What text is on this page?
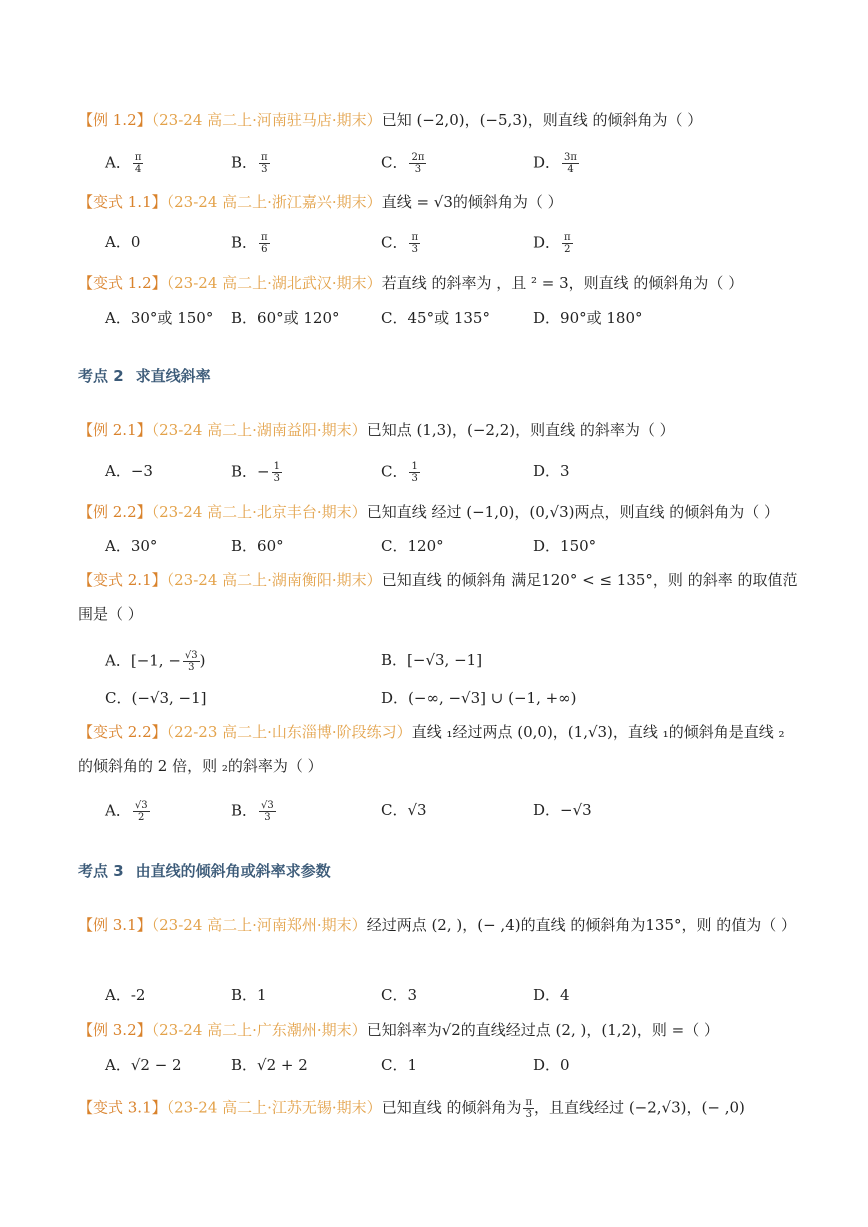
【例 1.2】（23-24 高二上·河南驻马店·期末）已知 (−2,0)，(−5,3)，则直线 的倾斜角为（ ）
A． $\frac{\pi}{4}$	B． $\frac{\pi}{3}$	C． $\frac{2\pi}{3}$	D． $\frac{3\pi}{4}$
【变式 1.1】（23-24 高二上·浙江嘉兴·期末）直线 = √3的倾斜角为（ ）
A．0	B． $\frac{\pi}{6}$	C． $\frac{\pi}{3}$	D． $\frac{\pi}{2}$
【变式 1.2】（23-24 高二上·湖北武汉·期末）若直线 的斜率为 ，且 ² = 3，则直线 的倾斜角为（ ）
A．30°或 150° B．60°或 120°	C．45°或 135°	D．90°或 180°
考点 2 求直线斜率
【例 2.1】（23-24 高二上·湖南益阳·期末）已知点 (1,3)，(−2,2)，则直线 的斜率为（ ）
A．−3	B．− $\frac{1}{3}$	C． $\frac{1}{3}$	D．3
【例 2.2】（23-24 高二上·北京丰台·期末）已知直线 经过 (−1,0)，(0,√3)两点，则直线 的倾斜角为（ ）
A．30°	B．60°	C．120°	D．150°
【变式 2.1】（23-24 高二上·湖南衡阳·期末）已知直线 的倾斜角 满足120° < ≤ 135°，则 的斜率 的取值范围是（ ）
A．[−1, − $\frac{√3}{3}$ )	B．[−√3, −1]
C．(−√3, −1]	D．(−∞, −√3] ∪ (−1, +∞)
【变式 2.2】（22-23 高二上·山东淄博·阶段练习）直线 ₁经过两点 (0,0)，(1,√3)，直线 ₁的倾斜角是直线 ₂的倾斜角的 2 倍，则 ₂的斜率为（ ）
A． $\frac{√3}{2}$	B． $\frac{√3}{3}$	C．√3	D．−√3
考点 3 由直线的倾斜角或斜率求参数
【例 3.1】（23-24 高二上·河南郑州·期末）经过两点 (2, )，(− ,4)的直线 的倾斜角为135°，则 的值为（ ）
A．-2	B．1	C．3	D．4
【例 3.2】（23-24 高二上·广东潮州·期末）已知斜率为√2的直线经过点 (2, )，(1,2)，则 =（ ）
A．√2 − 2	B．√2 + 2	C．1	D．0
【变式 3.1】（23-24 高二上·江苏无锡·期末）已知直线 的倾斜角为 $\frac{\pi}{3}$ ，且直线经过 (−2,√3)，(− ,0)
